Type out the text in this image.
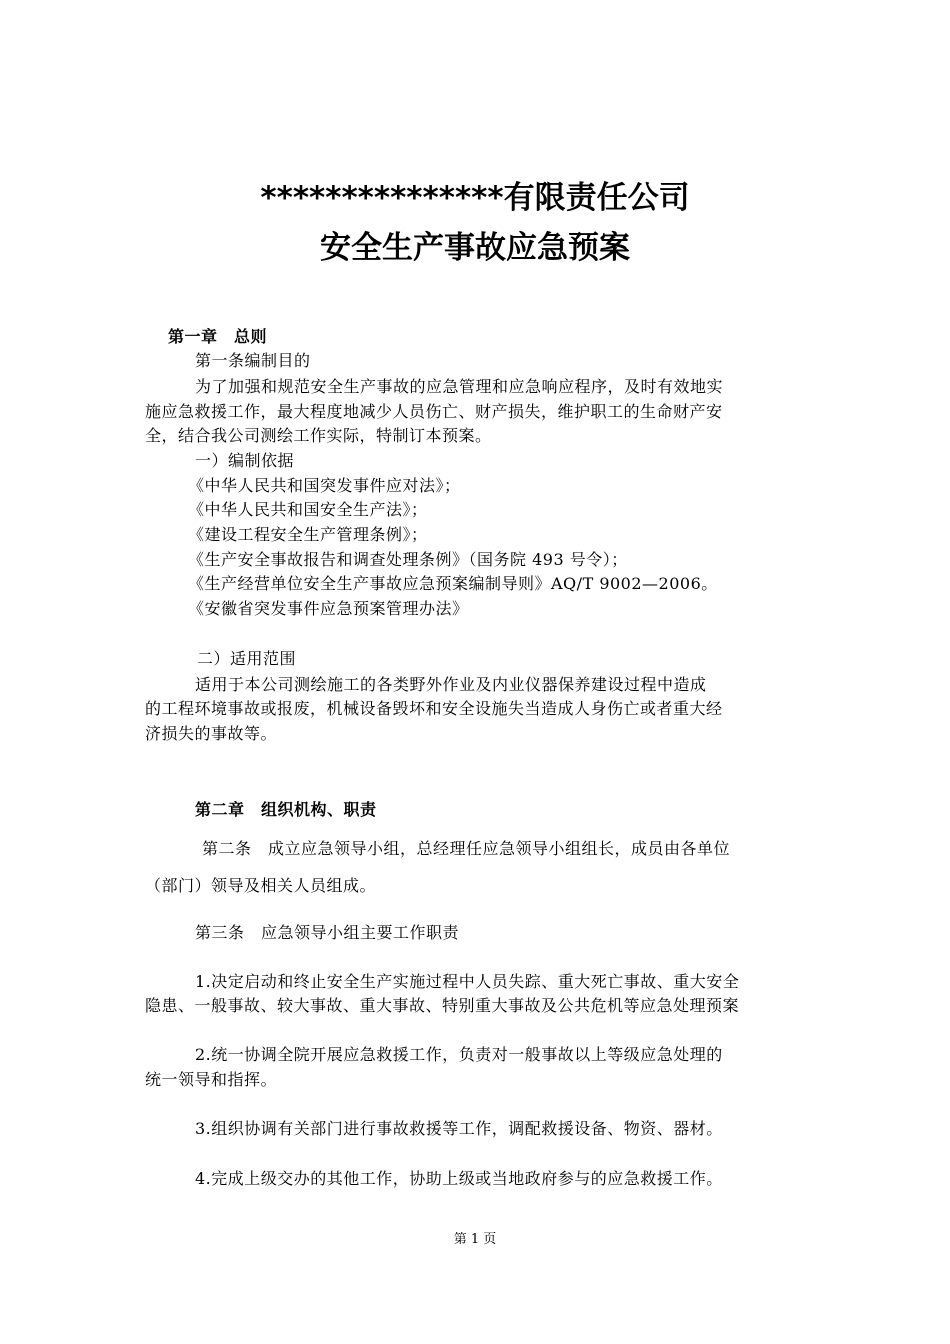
***************有限责任公司
安全生产事故应急预案
第一章　总则
第一条编制目的
为了加强和规范安全生产事故的应急管理和应急响应程序，及时有效地实
施应急救援工作，最大程度地减少人员伤亡、财产损失，维护职工的生命财产安
全，结合我公司测绘工作实际，特制订本预案。
一）编制依据
《中华人民共和国突发事件应对法》；
《中华人民共和国安全生产法》；
《建设工程安全生产管理条例》；
《生产安全事故报告和调查处理条例》（国务院 493 号令）；
《生产经营单位安全生产事故应急预案编制导则》AQ/T 9002—2006。
《安徽省突发事件应急预案管理办法》
二）适用范围
适用于本公司测绘施工的各类野外作业及内业仪器保养建设过程中造成
的工程环境事故或报废，机械设备毁坏和安全设施失当造成人身伤亡或者重大经
济损失的事故等。
第二章　组织机构、职责
第二条　成立应急领导小组，总经理任应急领导小组组长，成员由各单位
（部门）领导及相关人员组成。
第三条　应急领导小组主要工作职责
1.决定启动和终止安全生产实施过程中人员失踪、重大死亡事故、重大安全
隐患、一般事故、较大事故、重大事故、特别重大事故及公共危机等应急处理预案
2.统一协调全院开展应急救援工作，负责对一般事故以上等级应急处理的
统一领导和指挥。
3.组织协调有关部门进行事故救援等工作，调配救援设备、物资、器材。
4.完成上级交办的其他工作，协助上级或当地政府参与的应急救援工作。
第 1 页
